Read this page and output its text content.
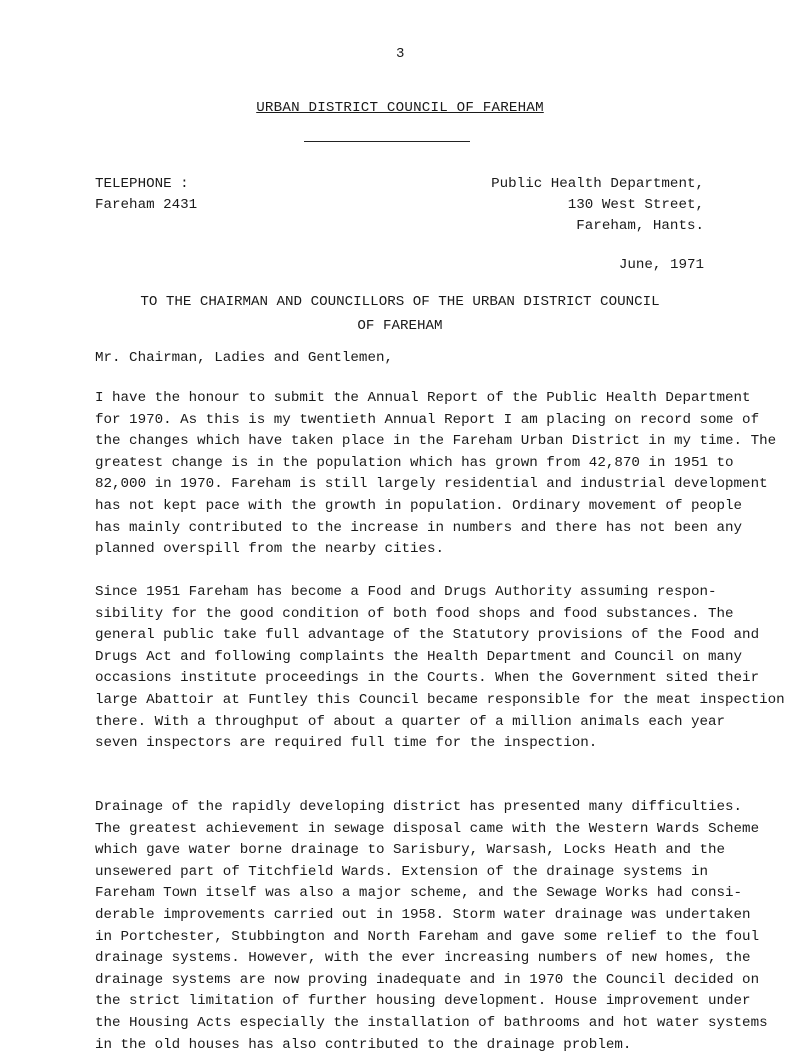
3
URBAN DISTRICT COUNCIL OF FAREHAM
TELEPHONE :
Fareham 2431
Public Health Department,
130 West Street,
Fareham, Hants.
June, 1971
TO THE CHAIRMAN AND COUNCILLORS OF THE URBAN DISTRICT COUNCIL
OF FAREHAM
Mr. Chairman, Ladies and Gentlemen,
I have the honour to submit the Annual Report of the Public Health Department
for 1970. As this is my twentieth Annual Report I am placing on record some of
the changes which have taken place in the Fareham Urban District in my time. The
greatest change is in the population which has grown from 42,870 in 1951 to
82,000 in 1970. Fareham is still largely residential and industrial development
has not kept pace with the growth in population. Ordinary movement of people
has mainly contributed to the increase in numbers and there has not been any
planned overspill from the nearby cities.
Since 1951 Fareham has become a Food and Drugs Authority assuming respon-
sibility for the good condition of both food shops and food substances. The
general public take full advantage of the Statutory provisions of the Food and
Drugs Act and following complaints the Health Department and Council on many
occasions institute proceedings in the Courts. When the Government sited their
large Abattoir at Funtley this Council became responsible for the meat inspection
there. With a throughput of about a quarter of a million animals each year
seven inspectors are required full time for the inspection.
Drainage of the rapidly developing district has presented many difficulties.
The greatest achievement in sewage disposal came with the Western Wards Scheme
which gave water borne drainage to Sarisbury, Warsash, Locks Heath and the
unsewered part of Titchfield Wards. Extension of the drainage systems in
Fareham Town itself was also a major scheme, and the Sewage Works had consi-
derable improvements carried out in 1958. Storm water drainage was undertaken
in Portchester, Stubbington and North Fareham and gave some relief to the foul
drainage systems. However, with the ever increasing numbers of new homes, the
drainage systems are now proving inadequate and in 1970 the Council decided on
the strict limitation of further housing development. House improvement under
the Housing Acts especially the installation of bathrooms and hot water systems
in the old houses has also contributed to the drainage problem.
